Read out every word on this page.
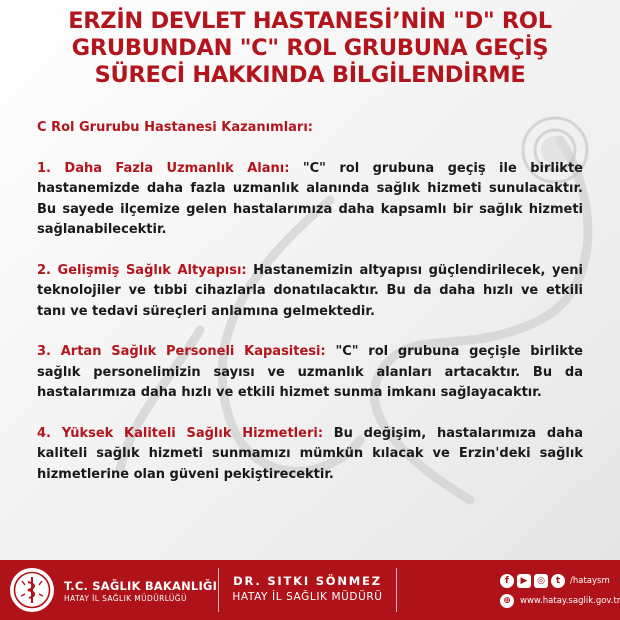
ERZİN DEVLET HASTANESİ’NİN "D" ROL
GRUBUNDAN "C" ROL GRUBUNA GEÇİŞ
SÜRECİ HAKKINDA BİLGİLENDİRME
C Rol Grurubu Hastanesi Kazanımları:

1. Daha Fazla Uzmanlık Alanı: "C" rol grubuna geçiş ile birlikte hastanemizde daha fazla uzmanlık alanında sağlık hizmeti sunulacaktır. Bu sayede ilçemize gelen hastalarımıza daha kapsamlı bir sağlık hizmeti sağlanabilecektir.

2. Gelişmiş Sağlık Altyapısı: Hastanemizin altyapısı güçlendirilecek, yeni teknolojiler ve tıbbi cihazlarla donatılacaktır. Bu da daha hızlı ve etkili tanı ve tedavi süreçleri anlamına gelmektedir.

3. Artan Sağlık Personeli Kapasitesi: "C" rol grubuna geçişle birlikte sağlık personelimizin sayısı ve uzmanlık alanları artacaktır. Bu da hastalarımıza daha hızlı ve etkili hizmet sunma imkanı sağlayacaktır.

4. Yüksek Kaliteli Sağlık Hizmetleri: Bu değişim, hastalarımıza daha kaliteli sağlık hizmeti sunmamızı mümkün kılacak ve Erzin'deki sağlık hizmetlerine olan güveni pekiştirecektir.

T.C. SAĞLIK BAKANLIĞI
HATAY İL SAĞLIK MÜDÜRLÜĞÜ
DR. SITKI SÖNMEZ
HATAY İL SAĞLIK MÜDÜRÜ
f	▶	◎	t	/hataysm
⊕	www.hatay.saglik.gov.tr
